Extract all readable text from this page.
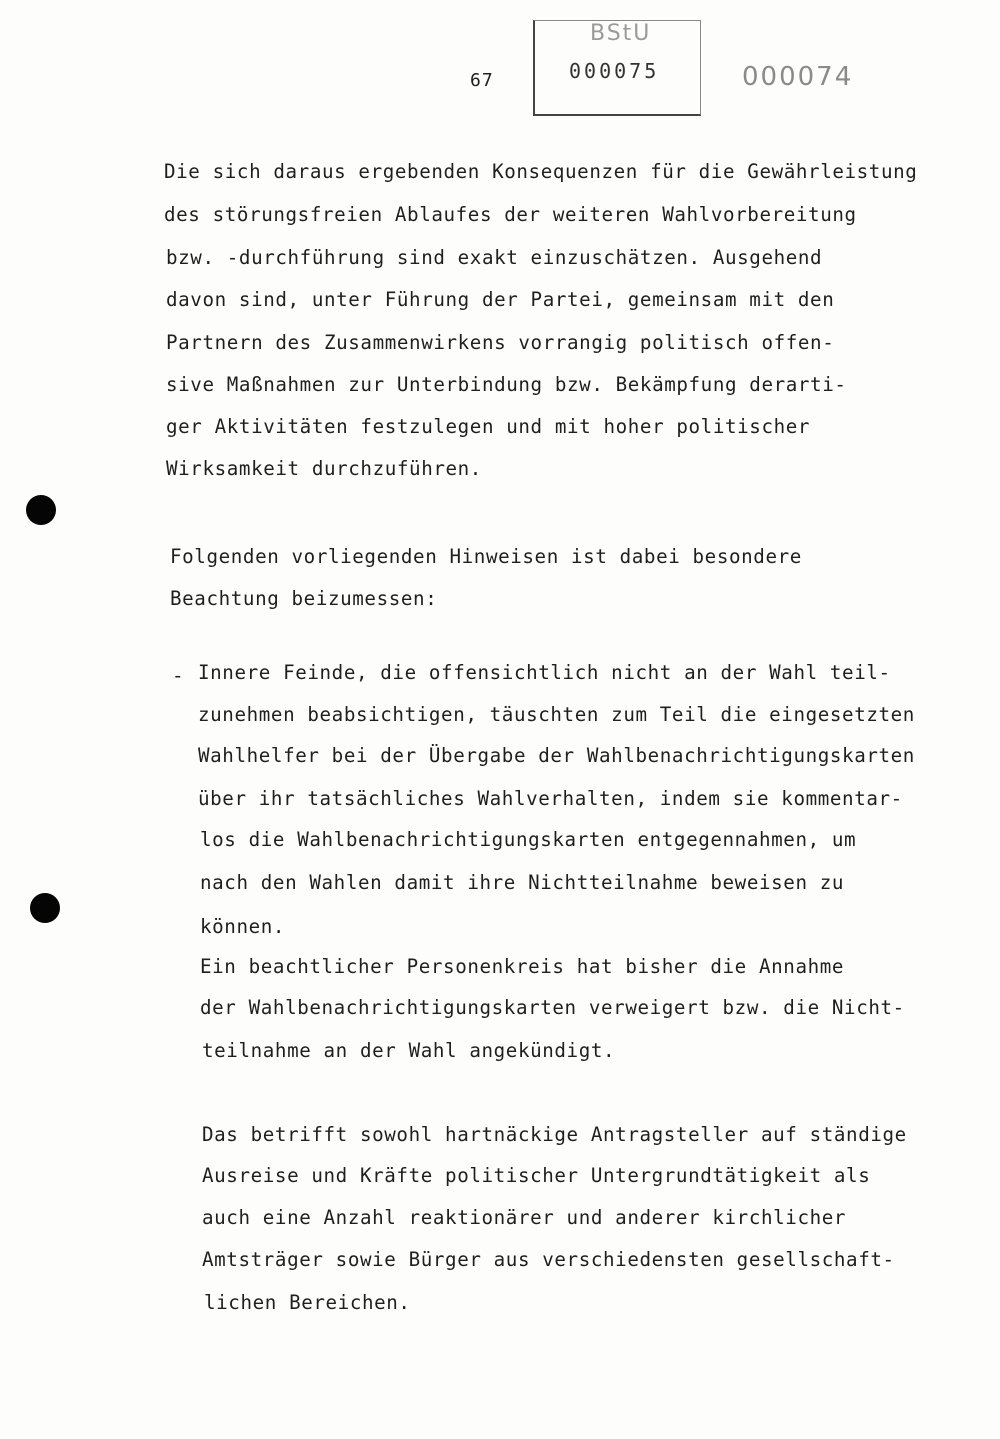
67
BStU
000075	000074
Die sich daraus ergebenden Konsequenzen für die Gewährleistung
des störungsfreien Ablaufes der weiteren Wahlvorbereitung
bzw. -durchführung sind exakt einzuschätzen. Ausgehend
davon sind, unter Führung der Partei, gemeinsam mit den
Partnern des Zusammenwirkens vorrangig politisch offen-
sive Maßnahmen zur Unterbindung bzw. Bekämpfung derarti-
ger Aktivitäten festzulegen und mit hoher politischer
Wirksamkeit durchzuführen.
Folgenden vorliegenden Hinweisen ist dabei besondere
Beachtung beizumessen:
- Innere Feinde, die offensichtlich nicht an der Wahl teil-
zunehmen beabsichtigen, täuschten zum Teil die eingesetzten
Wahlhelfer bei der Übergabe der Wahlbenachrichtigungskarten
über ihr tatsächliches Wahlverhalten, indem sie kommentar-
los die Wahlbenachrichtigungskarten entgegennahmen, um
nach den Wahlen damit ihre Nichtteilnahme beweisen zu
können.
Ein beachtlicher Personenkreis hat bisher die Annahme
der Wahlbenachrichtigungskarten verweigert bzw. die Nicht-
teilnahme an der Wahl angekündigt.
Das betrifft sowohl hartnäckige Antragsteller auf ständige
Ausreise und Kräfte politischer Untergrundtätigkeit als
auch eine Anzahl reaktionärer und anderer kirchlicher
Amtsträger sowie Bürger aus verschiedensten gesellschaft-
lichen Bereichen.
